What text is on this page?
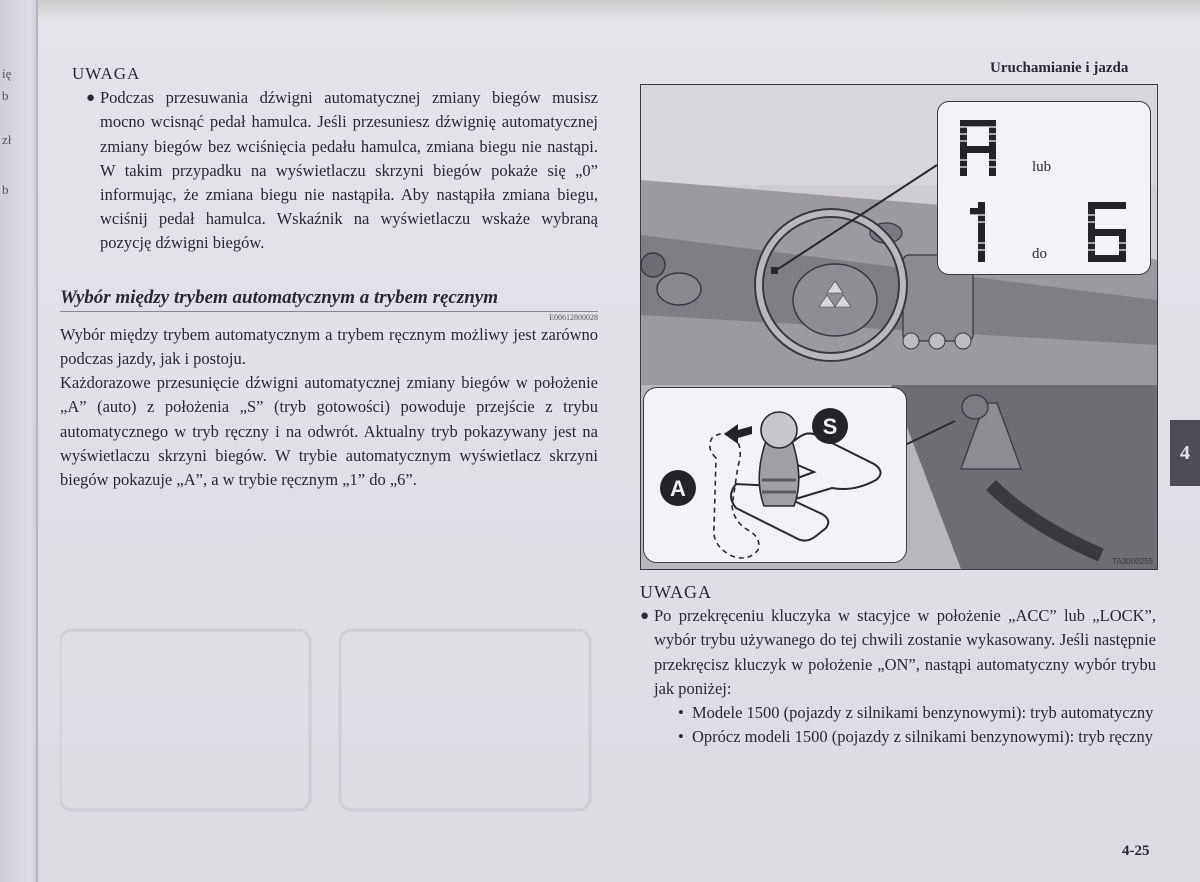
ię
b
zł
b
Uruchamianie i jazda
UWAGA
● Podczas przesuwania dźwigni automatycznej zmiany biegów musisz mocno wcisnąć pedał hamulca. Jeśli przesuniesz dźwignię automatycznej zmiany biegów bez wciśnięcia pedału hamulca, zmiana biegu nie nastąpi. W takim przypadku na wyświetlaczu skrzyni biegów pokaże się „0” informując, że zmiana biegu nie nastąpiła. Aby nastąpiła zmiana biegu, wciśnij pedał hamulca. Wskaźnik na wyświetlaczu wskaże wybraną pozycję dźwigni biegów.
Wybór między trybem automatycznym a trybem ręcznym
E00612800028

Wybór między trybem automatycznym a trybem ręcznym możliwy jest zarówno podczas jazdy, jak i postoju.

Każdorazowe przesunięcie dźwigni automatycznej zmiany biegów w położenie „A” (auto) z położenia „S” (tryb gotowości) powoduje przejście z trybu automatycznego w tryb ręczny i na odwrót. Aktualny tryb pokazywany jest na wyświetlaczu skrzyni biegów. W trybie automatycznym wyświetlacz skrzyni biegów pokazuje „A”, a w trybie ręcznym „1” do „6”.

lub
do
S
A
TA3000255
UWAGA
● Po przekręceniu kluczyka w stacyjce w położenie „ACC” lub „LOCK”, wybór trybu używanego do tej chwili zostanie wykasowany. Jeśli następnie przekręcisz kluczyk w położenie „ON”, nastąpi automatyczny wybór trybu jak poniżej:
• Modele 1500 (pojazdy z silnikami benzynowymi): tryb automatyczny
• Oprócz modeli 1500 (pojazdy z silnikami benzynowymi): tryb ręczny
4
4-25
